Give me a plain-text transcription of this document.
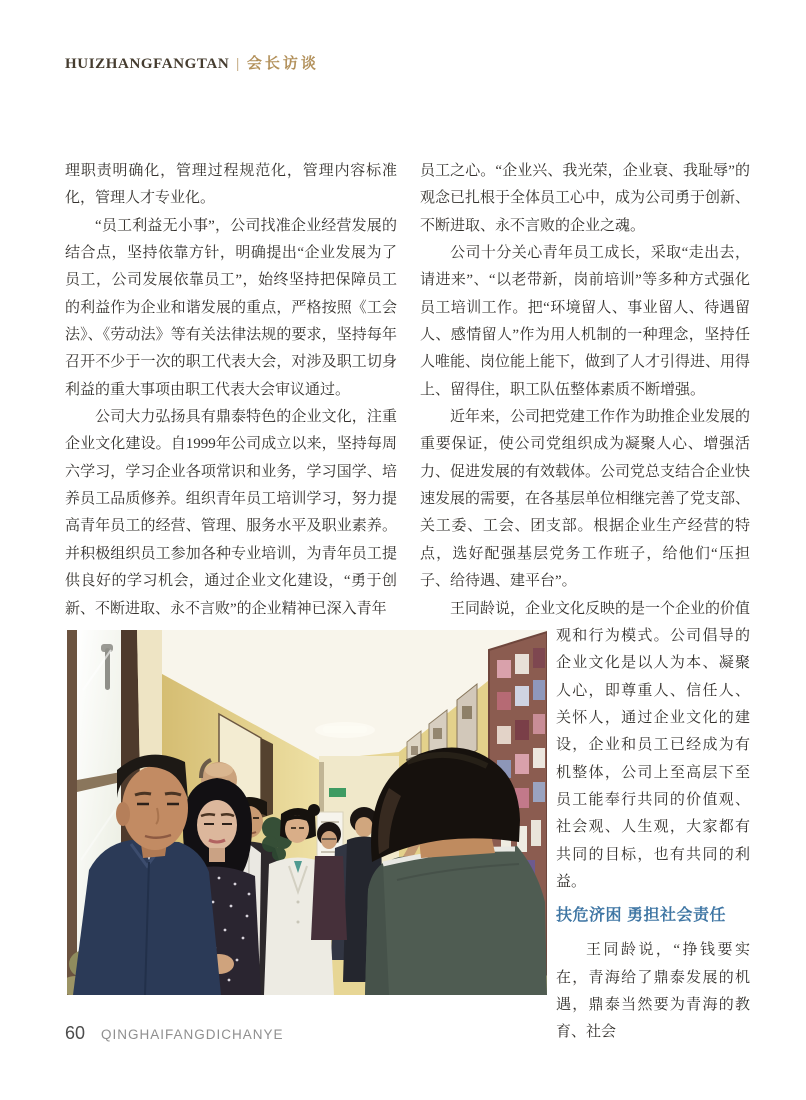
HUIZHANGFANGTAN | 会长访谈

理职责明确化，管理过程规范化，管理内容标准化，管理人才专业化。

“员工利益无小事”，公司找准企业经营发展的结合点，坚持依靠方针，明确提出“企业发展为了员工，公司发展依靠员工”，始终坚持把保障员工的利益作为企业和谐发展的重点，严格按照《工会法》、《劳动法》等有关法律法规的要求，坚持每年召开不少于一次的职工代表大会，对涉及职工切身利益的重大事项由职工代表大会审议通过。

公司大力弘扬具有鼎泰特色的企业文化，注重企业文化建设。自1999年公司成立以来，坚持每周六学习，学习企业各项常识和业务，学习国学、培养员工品质修养。组织青年员工培训学习，努力提高青年员工的经营、管理、服务水平及职业素养。并积极组织员工参加各种专业培训，为青年员工提供良好的学习机会，通过企业文化建设，“勇于创新、不断进取、永不言败”的企业精神已深入青年

员工之心。“企业兴、我光荣，企业衰、我耻辱”的观念已扎根于全体员工心中，成为公司勇于创新、不断进取、永不言败的企业之魂。

公司十分关心青年员工成长，采取“走出去，请进来”、“以老带新，岗前培训”等多种方式强化员工培训工作。把“环境留人、事业留人、待遇留人、感情留人”作为用人机制的一种理念，坚持任人唯能、岗位能上能下，做到了人才引得进、用得上、留得住，职工队伍整体素质不断增强。

近年来，公司把党建工作作为助推企业发展的重要保证，使公司党组织成为凝聚人心、增强活力、促进发展的有效载体。公司党总支结合企业快速发展的需要，在各基层单位相继完善了党支部、关工委、工会、团支部。根据企业生产经营的特点，选好配强基层党务工作班子，给他们“压担子、给待遇、建平台”。

王同龄说，企业文化反映的是一个企业的价值

观和行为模式。公司倡导的企业文化是以人为本、凝聚人心，即尊重人、信任人、关怀人，通过企业文化的建设，企业和员工已经成为有机整体，公司上至高层下至员工能奉行共同的价值观、社会观、人生观，大家都有共同的目标，也有共同的利益。

扶危济困 勇担社会责任

王同龄说，“挣钱要实在，青海给了鼎泰发展的机遇，鼎泰当然要为青海的教育、社会

60 QINGHAIFANGDICHANYE
